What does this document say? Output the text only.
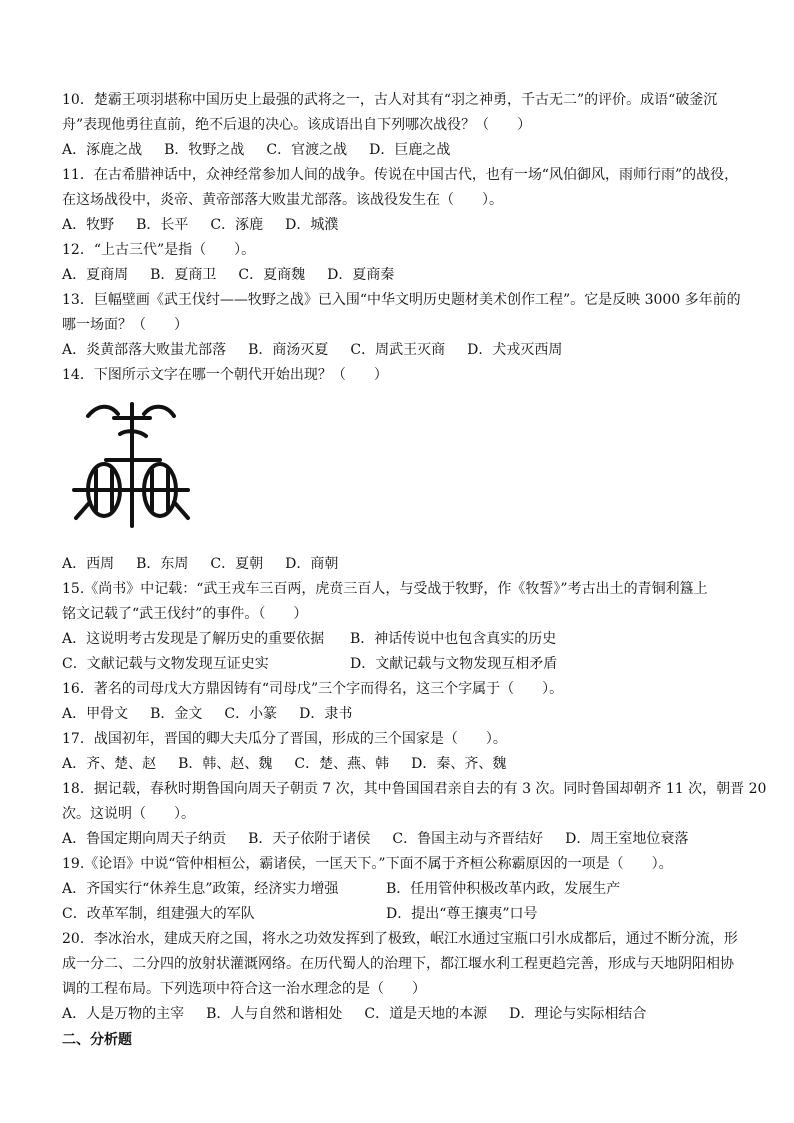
10．楚霸王项羽堪称中国历史上最强的武将之一，古人对其有“羽之神勇，千古无二”的评价。成语“破釜沉
舟”表现他勇往直前，绝不后退的决心。该成语出自下列哪次战役？（　　）
A．涿鹿之战 B．牧野之战 C．官渡之战 D．巨鹿之战
11．在古希腊神话中，众神经常参加人间的战争。传说在中国古代，也有一场“风伯御风，雨师行雨”的战役，
在这场战役中，炎帝、黄帝部落大败蚩尤部落。该战役发生在（　　）。
A．牧野 B．长平 C．涿鹿 D．城濮
12．“上古三代”是指（　　）。
A．夏商周 B．夏商卫 C．夏商魏 D．夏商秦
13．巨幅壁画《武王伐纣——牧野之战》已入围“中华文明历史题材美术创作工程”。它是反映 3000 多年前的
哪一场面？（　　）
A．炎黄部落大败蚩尤部落 B．商汤灭夏 C．周武王灭商 D．犬戎灭西周
14．下图所示文字在哪一个朝代开始出现？（　　）
A．西周 B．东周 C．夏朝 D．商朝
15.《尚书》中记载：“武王戎车三百两，虎贲三百人，与受战于牧野，作《牧誓》”考古出土的青铜利簋上
铭文记载了“武王伐纣”的事件。（　　）
A．这说明考古发现是了解历史的重要依据	B．神话传说中也包含真实的历史
C．文献记载与文物发现互证史实	D．文献记载与文物发现互相矛盾
16．著名的司母戊大方鼎因铸有“司母戊”三个字而得名，这三个字属于（　　）。
A．甲骨文 B．金文 C．小篆 D．隶书
17．战国初年，晋国的卿大夫瓜分了晋国，形成的三个国家是（　　）。
A．齐、楚、赵 B．韩、赵、魏 C．楚、燕、韩 D．秦、齐、魏
18．据记载，春秋时期鲁国向周天子朝贡 7 次，其中鲁国国君亲自去的有 3 次。同时鲁国却朝齐 11 次，朝晋 20
次。这说明（　　）。
A．鲁国定期向周天子纳贡 B．天子依附于诸侯 C．鲁国主动与齐晋结好 D．周王室地位衰落
19.《论语》中说“管仲相桓公，霸诸侯，一匡天下。”下面不属于齐桓公称霸原因的一项是（　　）。
A．齐国实行“休养生息”政策，经济实力增强	B．任用管仲积极改革内政，发展生产
C．改革军制，组建强大的军队	D．提出“尊王攘夷”口号
20．李冰治水，建成天府之国，将水之功效发挥到了极致，岷江水通过宝瓶口引水成都后，通过不断分流，形
成一分二、二分四的放射状灌溉网络。在历代蜀人的治理下，都江堰水利工程更趋完善，形成与天地阴阳相协
调的工程布局。下列选项中符合这一治水理念的是（　　）
A．人是万物的主宰 B．人与自然和谐相处 C．道是天地的本源 D．理论与实际相结合
二、分析题
